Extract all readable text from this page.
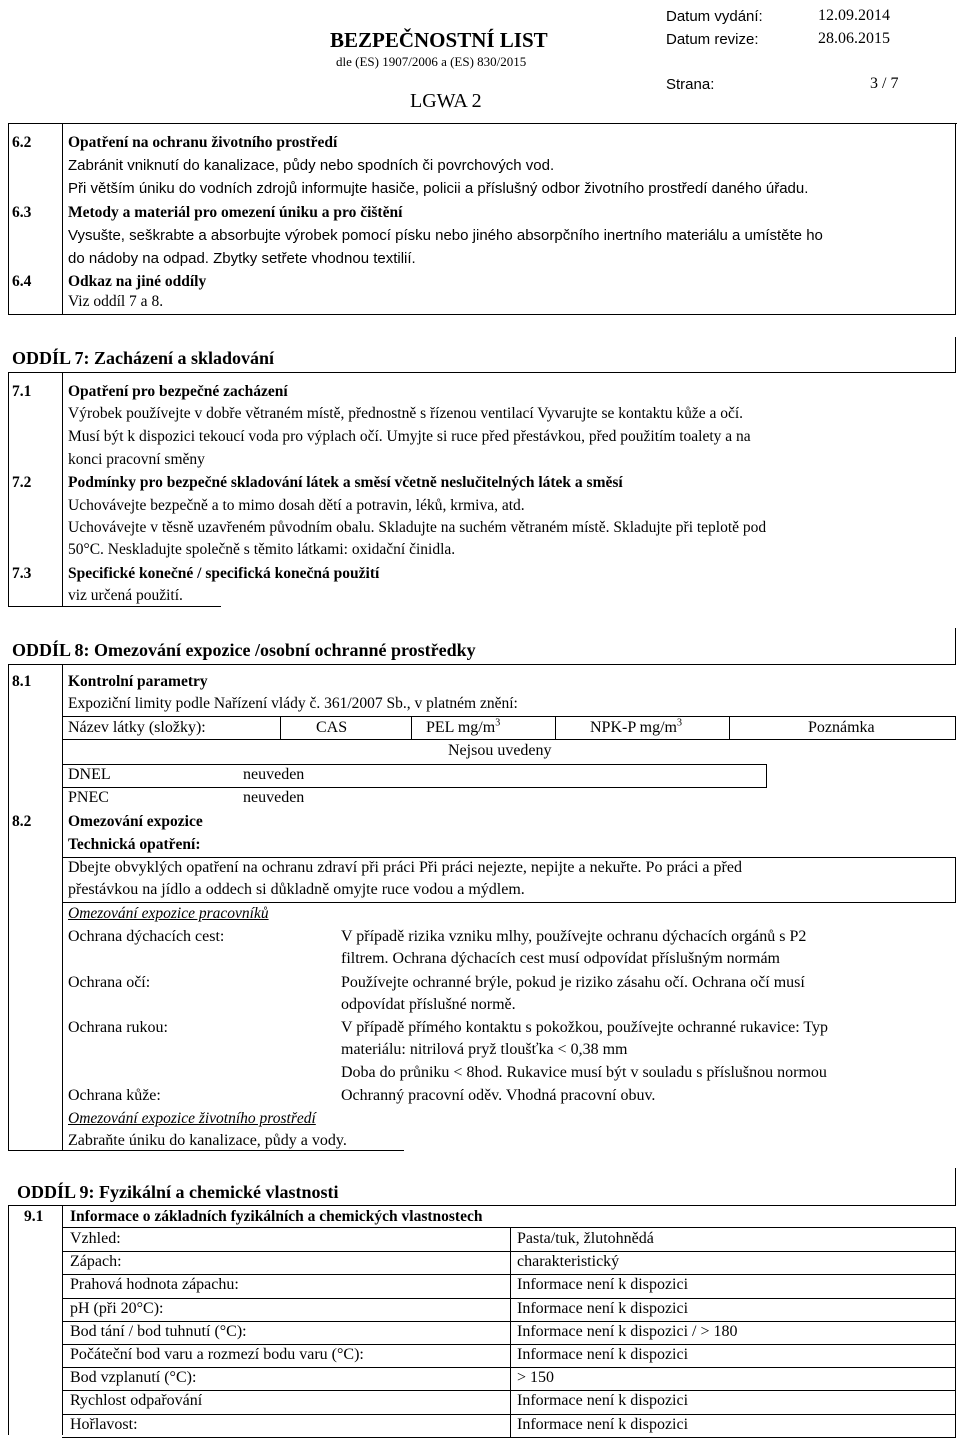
BEZPEČNOSTNÍ LIST
dle (ES) 1907/2006 a (ES) 830/2015
LGWA 2
Datum vydání:	12.09.2014
Datum revize:	28.06.2015
Strana:	3 / 7
6.2 Opatření na ochranu životního prostředí
Zabránit vniknutí do kanalizace, půdy nebo spodních či povrchových vod.
Při větším úniku do vodních zdrojů informujte hasiče, policii a příslušný odbor životního prostředí daného úřadu.
6.3 Metody a materiál pro omezení úniku a pro čištění
Vysušte, seškrabte a absorbujte výrobek pomocí písku nebo jiného absorpčního inertního materiálu a umístěte ho
do nádoby na odpad. Zbytky setřete vhodnou textilií.
6.4 Odkaz na jiné oddíly
Viz oddíl 7 a 8.
ODDÍL 7: Zacházení a skladování
7.1 Opatření pro bezpečné zacházení
Výrobek používejte v dobře větraném místě, přednostně s řízenou ventilací Vyvarujte se kontaktu kůže a očí.
Musí být k dispozici tekoucí voda pro výplach očí. Umyjte si ruce před přestávkou, před použitím toalety a na
konci pracovní směny
7.2 Podmínky pro bezpečné skladování látek a směsí včetně neslučitelných látek a směsí
Uchovávejte bezpečně a to mimo dosah dětí a potravin, léků, krmiva, atd.
Uchovávejte v těsně uzavřeném původním obalu. Skladujte na suchém větraném místě. Skladujte při teplotě pod
50°C. Neskladujte společně s těmito látkami: oxidační činidla.
7.3 Specifické konečné / specifická konečná použití
viz určená použití.
ODDÍL 8: Omezování expozice /osobní ochranné prostředky
8.1 Kontrolní parametry
Expoziční limity podle Nařízení vlády č. 361/2007 Sb., v platném znění:
Název látky (složky):	CAS	PEL $mg/m^3$	NPK-P $mg/m^3$	Poznámka
Nejsou uvedeny
DNEL	neuveden
PNEC	neuveden
8.2 Omezování expozice
Technická opatření:
Dbejte obvyklých opatření na ochranu zdraví při práci Při práci nejezte, nepijte a nekuřte. Po práci a před
přestávkou na jídlo a oddech si důkladně omyjte ruce vodou a mýdlem.
Omezování expozice pracovníků
Ochrana dýchacích cest:	V případě rizika vzniku mlhy, používejte ochranu dýchacích orgánů s P2
filtrem. Ochrana dýchacích cest musí odpovídat příslušným normám
Ochrana očí:	Používejte ochranné brýle, pokud je riziko zásahu očí. Ochrana očí musí
odpovídat příslušné normě.
Ochrana rukou:	V případě přímého kontaktu s pokožkou, používejte ochranné rukavice: Typ
materiálu: nitrilová pryž tloušťka < 0,38 mm
Doba do průniku < 8hod. Rukavice musí být v souladu s příslušnou normou
Ochrana kůže:	Ochranný pracovní oděv. Vhodná pracovní obuv.
Omezování expozice životního prostředí
Zabraňte úniku do kanalizace, půdy a vody.
ODDÍL 9: Fyzikální a chemické vlastnosti
9.1 Informace o základních fyzikálních a chemických vlastnostech
Vzhled:	Pasta/tuk, žlutohnědá
Zápach:	charakteristický
Prahová hodnota zápachu:	Informace není k dispozici
pH (při 20°C):	Informace není k dispozici
Bod tání / bod tuhnutí (°C):	Informace není k dispozici / > 180
Počáteční bod varu a rozmezí bodu varu (°C):	Informace není k dispozici
Bod vzplanutí (°C):	> 150
Rychlost odpařování	Informace není k dispozici
Hořlavost:	Informace není k dispozici
